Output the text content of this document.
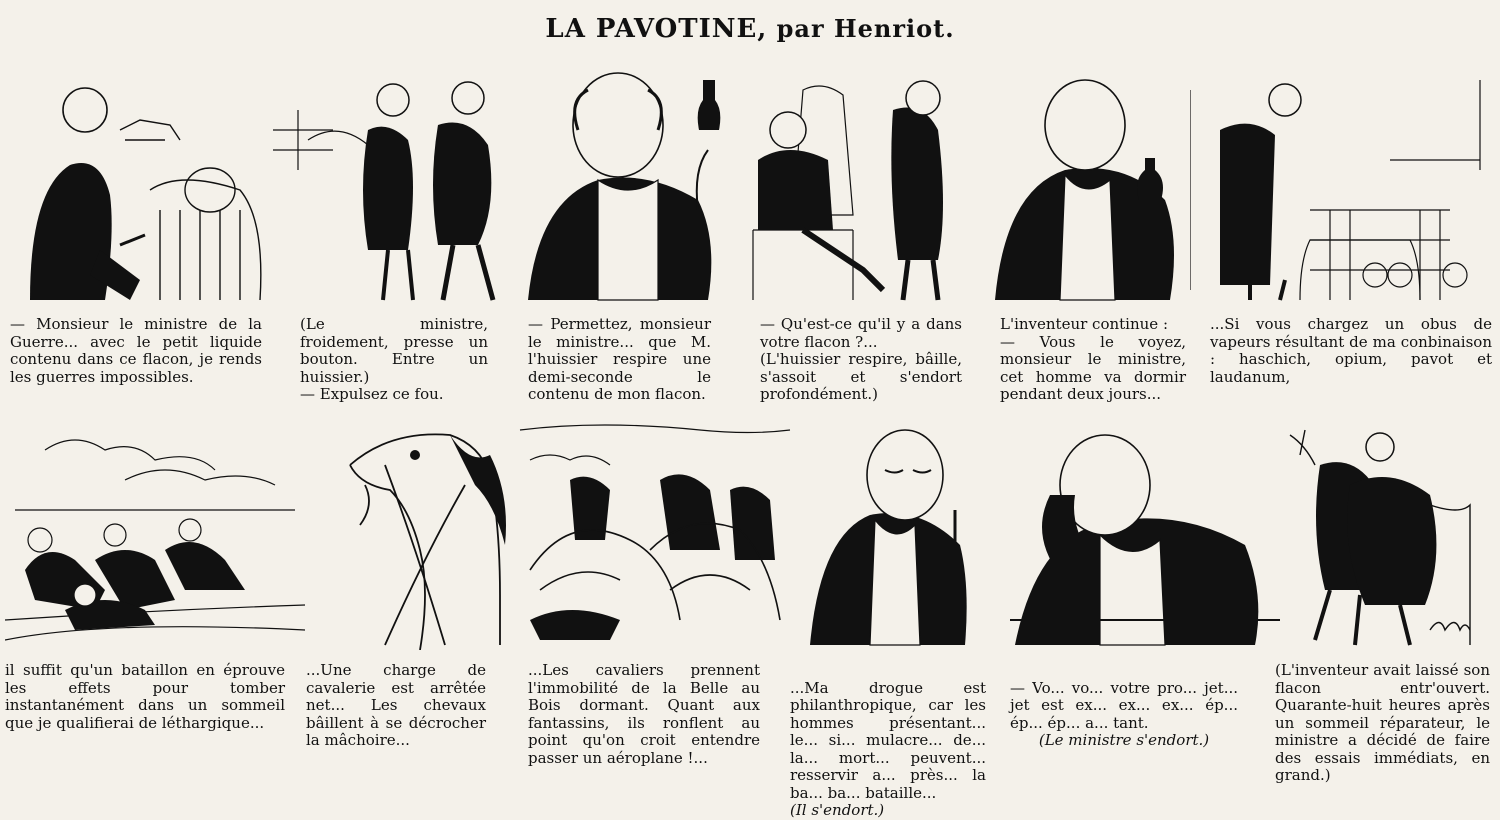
LA PAVOTINE, par Henriot.
— Monsieur le ministre de la Guerre... avec le petit liquide contenu dans ce flacon, je rends les guerres impossibles.
(Le ministre, froidement, presse un bouton. Entre un huissier.)
— Expulsez ce fou.
— Permettez, monsieur le ministre... que M. l'huissier respire une demi-seconde le contenu de mon flacon.
— Qu'est-ce qu'il y a dans votre flacon ?...
(L'huissier respire, bâille, s'assoit et s'endort profondément.)
L'inventeur continue :
— Vous le voyez, monsieur le ministre, cet homme va dormir pendant deux jours...
...Si vous chargez un obus de vapeurs résultant de ma conbinaison : haschich, opium, pavot et laudanum,
il suffit qu'un bataillon en éprouve les effets pour tomber instantanément dans un sommeil que je qualifierai de léthargique...
...Une charge de cavalerie est arrêtée net... Les chevaux bâillent à se décrocher la mâchoire...
...Les cavaliers prennent l'immobilité de la Belle au Bois dormant. Quant aux fantassins, ils ronflent au point qu'on croit entendre passer un aéroplane !...

...Ma drogue est philanthropique, car les hommes présentant... le... si... mulacre... de... la... mort... peuvent... resservir a... près... la ba... ba... bataille...
(Il s'endort.)

— Vo... vo... votre pro... jet... jet est ex... ex... ex... ép... ép... ép... a... tant.

(Le ministre s'endort.)

(L'inventeur avait laissé son flacon entr'ouvert. Quarante-huit heures après un sommeil réparateur, le ministre a décidé de faire des essais immédiats, en grand.)
